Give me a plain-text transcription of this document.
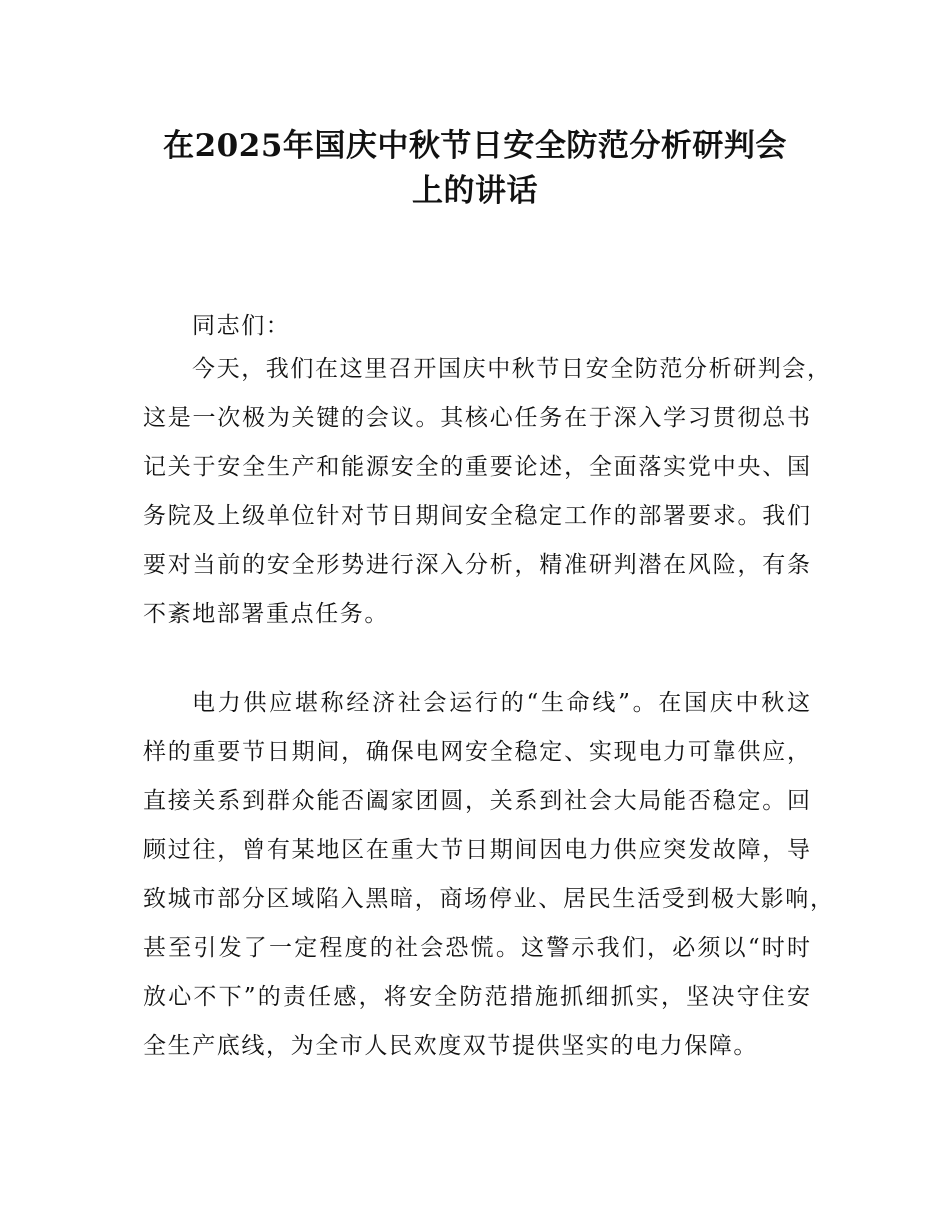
在2025年国庆中秋节日安全防范分析研判会
上的讲话
同志们：
今天，我们在这里召开国庆中秋节日安全防范分析研判会，
这是一次极为关键的会议。其核心任务在于深入学习贯彻总书
记关于安全生产和能源安全的重要论述，全面落实党中央、国
务院及上级单位针对节日期间安全稳定工作的部署要求。我们
要对当前的安全形势进行深入分析，精准研判潜在风险，有条
不紊地部署重点任务。
电力供应堪称经济社会运行的“生命线”。在国庆中秋这
样的重要节日期间，确保电网安全稳定、实现电力可靠供应，
直接关系到群众能否阖家团圆，关系到社会大局能否稳定。回
顾过往，曾有某地区在重大节日期间因电力供应突发故障，导
致城市部分区域陷入黑暗，商场停业、居民生活受到极大影响，
甚至引发了一定程度的社会恐慌。这警示我们，必须以“时时
放心不下”的责任感，将安全防范措施抓细抓实，坚决守住安
全生产底线，为全市人民欢度双节提供坚实的电力保障。
